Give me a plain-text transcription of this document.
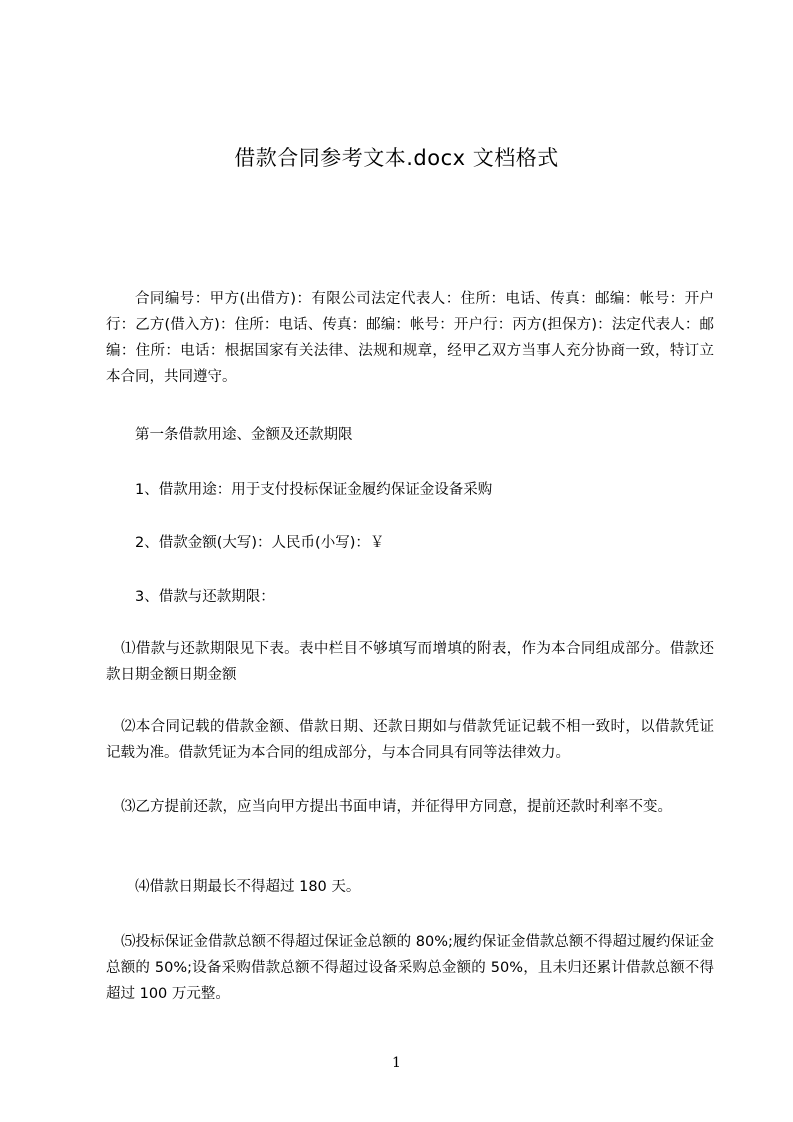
借款合同参考文本.docx 文档格式
合同编号：甲方(出借方)：有限公司法定代表人：住所：电话、传真：邮编：帐号：开户行：乙方(借入方)：住所：电话、传真：邮编：帐号：开户行：丙方(担保方)：法定代表人：邮编：住所：电话：根据国家有关法律、法规和规章，经甲乙双方当事人充分协商一致，特订立本合同，共同遵守。
第一条借款用途、金额及还款期限
1、借款用途：用于支付投标保证金履约保证金设备采购
2、借款金额(大写)：人民币(小写)：￥
3、借款与还款期限：
⑴借款与还款期限见下表。表中栏目不够填写而增填的附表，作为本合同组成部分。借款还款日期金额日期金额
⑵本合同记载的借款金额、借款日期、还款日期如与借款凭证记载不相一致时，以借款凭证记载为准。借款凭证为本合同的组成部分，与本合同具有同等法律效力。
⑶乙方提前还款，应当向甲方提出书面申请，并征得甲方同意，提前还款时利率不变。
⑷借款日期最长不得超过 180 天。
⑸投标保证金借款总额不得超过保证金总额的 80%;履约保证金借款总额不得超过履约保证金总额的 50%;设备采购借款总额不得超过设备采购总金额的 50%，且未归还累计借款总额不得超过 100 万元整。
1
